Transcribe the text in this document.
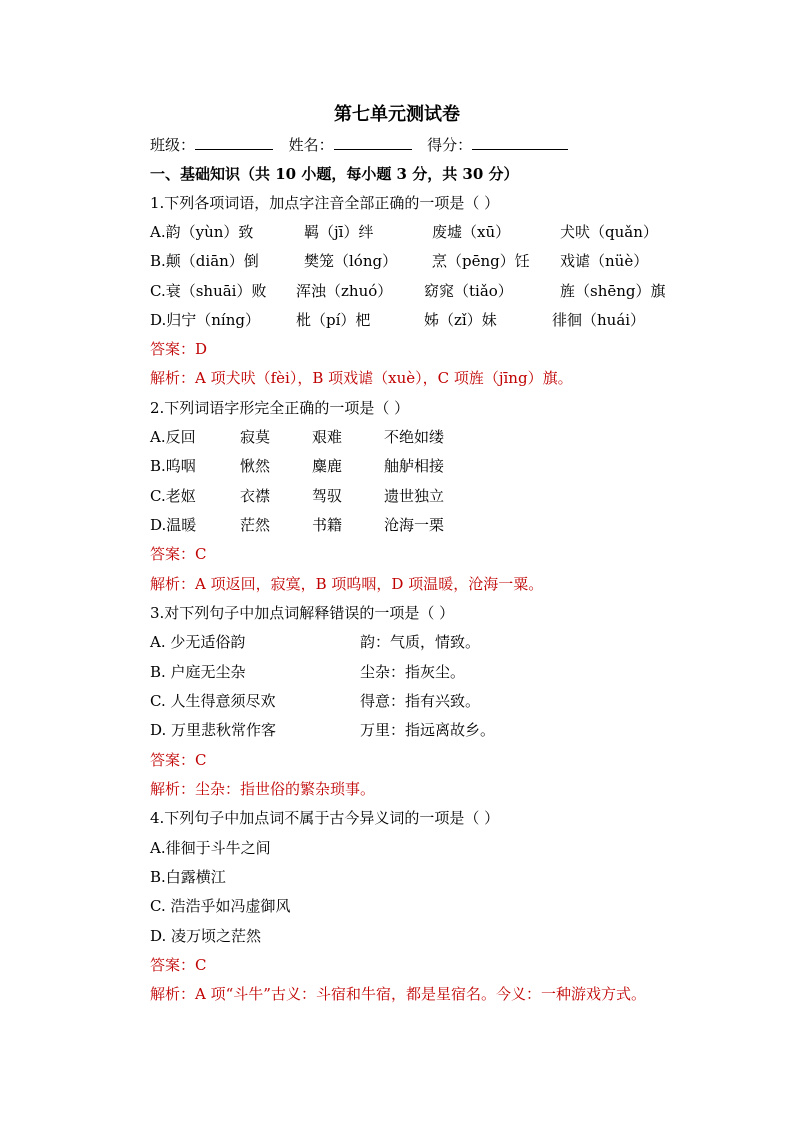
第七单元测试卷
班级：	姓名：	得分：
一、基础知识（共 10 小题，每小题 3 分，共 30 分）
1.下列各项词语，加点字注音全部正确的一项是（ ）
A.韵（yùn）致	羁（jī）绊	废墟（xū）	犬吠（quǎn）
B.颠（diān）倒	樊笼（lóng） 烹（pēng）饪 戏谑（nüè）
C.衰（shuāi）败 浑浊（zhuó） 窈窕（tiǎo）	旌（shēng）旗
D.归宁（níng） 枇（pí）杷	姊（zǐ）妹	徘徊（huái）
答案：D
解析：A 项犬吠（fèi），B 项戏谑（xuè），C 项旌（jīng）旗。
2.下列词语字形完全正确的一项是（ ）
A.反回	寂莫	艰难	不绝如缕
B.呜咽	愀然	麋鹿	舳舻相接
C.老妪	衣襟	驾驭	遗世独立
D.温暖	茫然	书籍	沧海一栗
答案：C
解析：A 项返回，寂寞，B 项呜咽，D 项温暖，沧海一粟。
3.对下列句子中加点词解释错误的一项是（ ）
A. 少无适俗韵	韵：气质，情致。
B. 户庭无尘杂	尘杂：指灰尘。
C. 人生得意须尽欢	得意：指有兴致。
D. 万里悲秋常作客	万里：指远离故乡。
答案：C
解析：尘杂：指世俗的繁杂琐事。
4.下列句子中加点词不属于古今异义词的一项是（ ）
A.徘徊于斗牛之间
B.白露横江
C. 浩浩乎如冯虚御风
D. 凌万顷之茫然
答案：C
解析：A 项“斗牛”古义：斗宿和牛宿，都是星宿名。今义：一种游戏方式。
